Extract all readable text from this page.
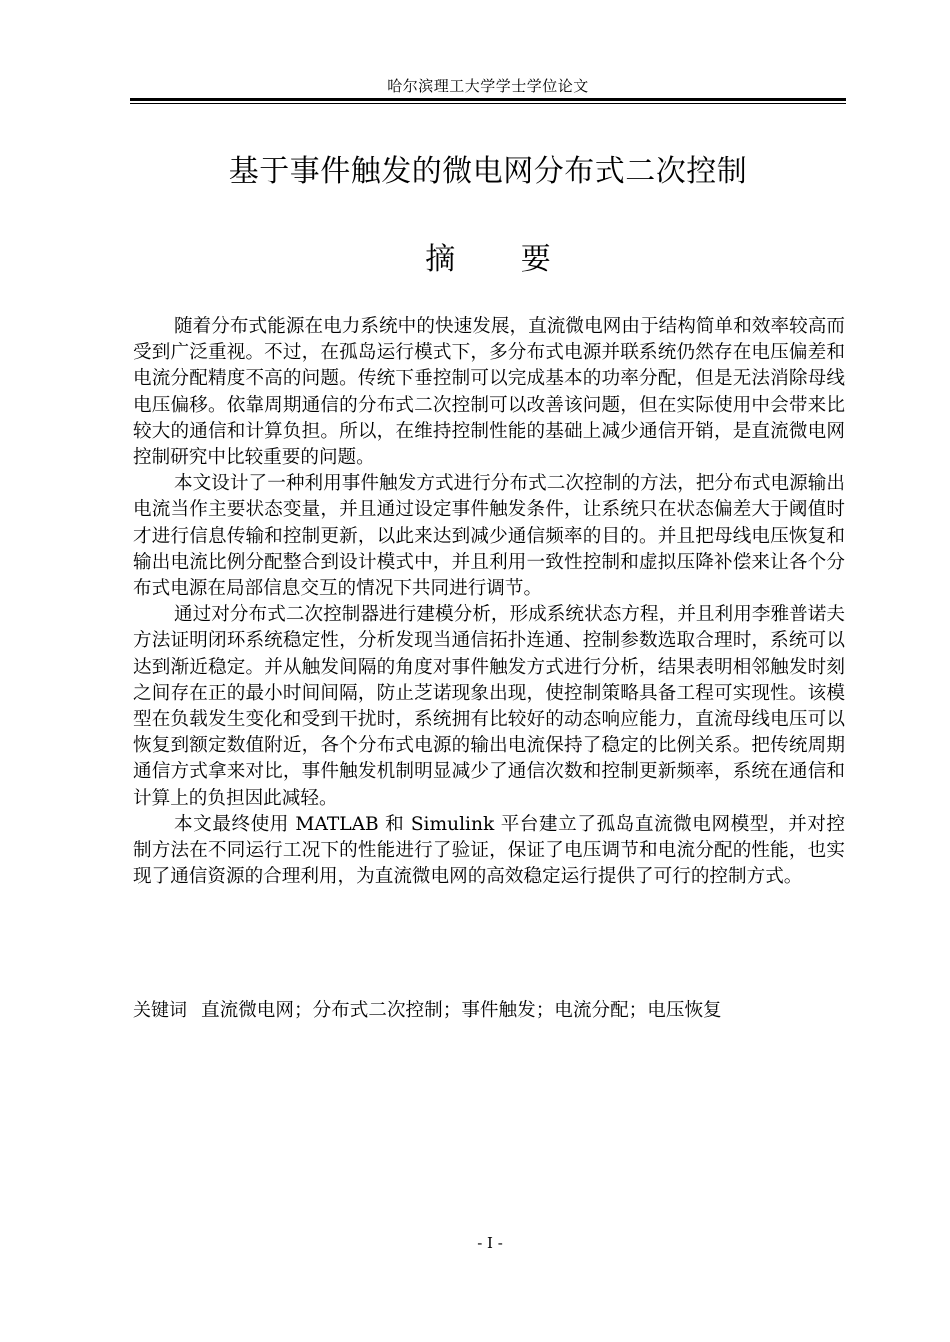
哈尔滨理工大学学士学位论文
基于事件触发的微电网分布式二次控制
摘 要

随着分布式能源在电力系统中的快速发展，直流微电网由于结构简单和效率较高而受到广泛重视。不过，在孤岛运行模式下，多分布式电源并联系统仍然存在电压偏差和电流分配精度不高的问题。传统下垂控制可以完成基本的功率分配，但是无法消除母线电压偏移。依靠周期通信的分布式二次控制可以改善该问题，但在实际使用中会带来比较大的通信和计算负担。所以，在维持控制性能的基础上减少通信开销，是直流微电网控制研究中比较重要的问题。

本文设计了一种利用事件触发方式进行分布式二次控制的方法，把分布式电源输出电流当作主要状态变量，并且通过设定事件触发条件，让系统只在状态偏差大于阈值时才进行信息传输和控制更新，以此来达到减少通信频率的目的。并且把母线电压恢复和输出电流比例分配整合到设计模式中，并且利用一致性控制和虚拟压降补偿来让各个分布式电源在局部信息交互的情况下共同进行调节。

通过对分布式二次控制器进行建模分析，形成系统状态方程，并且利用李雅普诺夫方法证明闭环系统稳定性，分析发现当通信拓扑连通、控制参数选取合理时，系统可以达到渐近稳定。并从触发间隔的角度对事件触发方式进行分析，结果表明相邻触发时刻之间存在正的最小时间间隔，防止芝诺现象出现，使控制策略具备工程可实现性。该模型在负载发生变化和受到干扰时，系统拥有比较好的动态响应能力，直流母线电压可以恢复到额定数值附近，各个分布式电源的输出电流保持了稳定的比例关系。把传统周期通信方式拿来对比，事件触发机制明显减少了通信次数和控制更新频率，系统在通信和计算上的负担因此减轻。

本文最终使用 MATLAB 和 Simulink 平台建立了孤岛直流微电网模型，并对控制方法在不同运行工况下的性能进行了验证，保证了电压调节和电流分配的性能，也实现了通信资源的合理利用，为直流微电网的高效稳定运行提供了可行的控制方式。

关键词 直流微电网；分布式二次控制；事件触发；电流分配；电压恢复
- I -
